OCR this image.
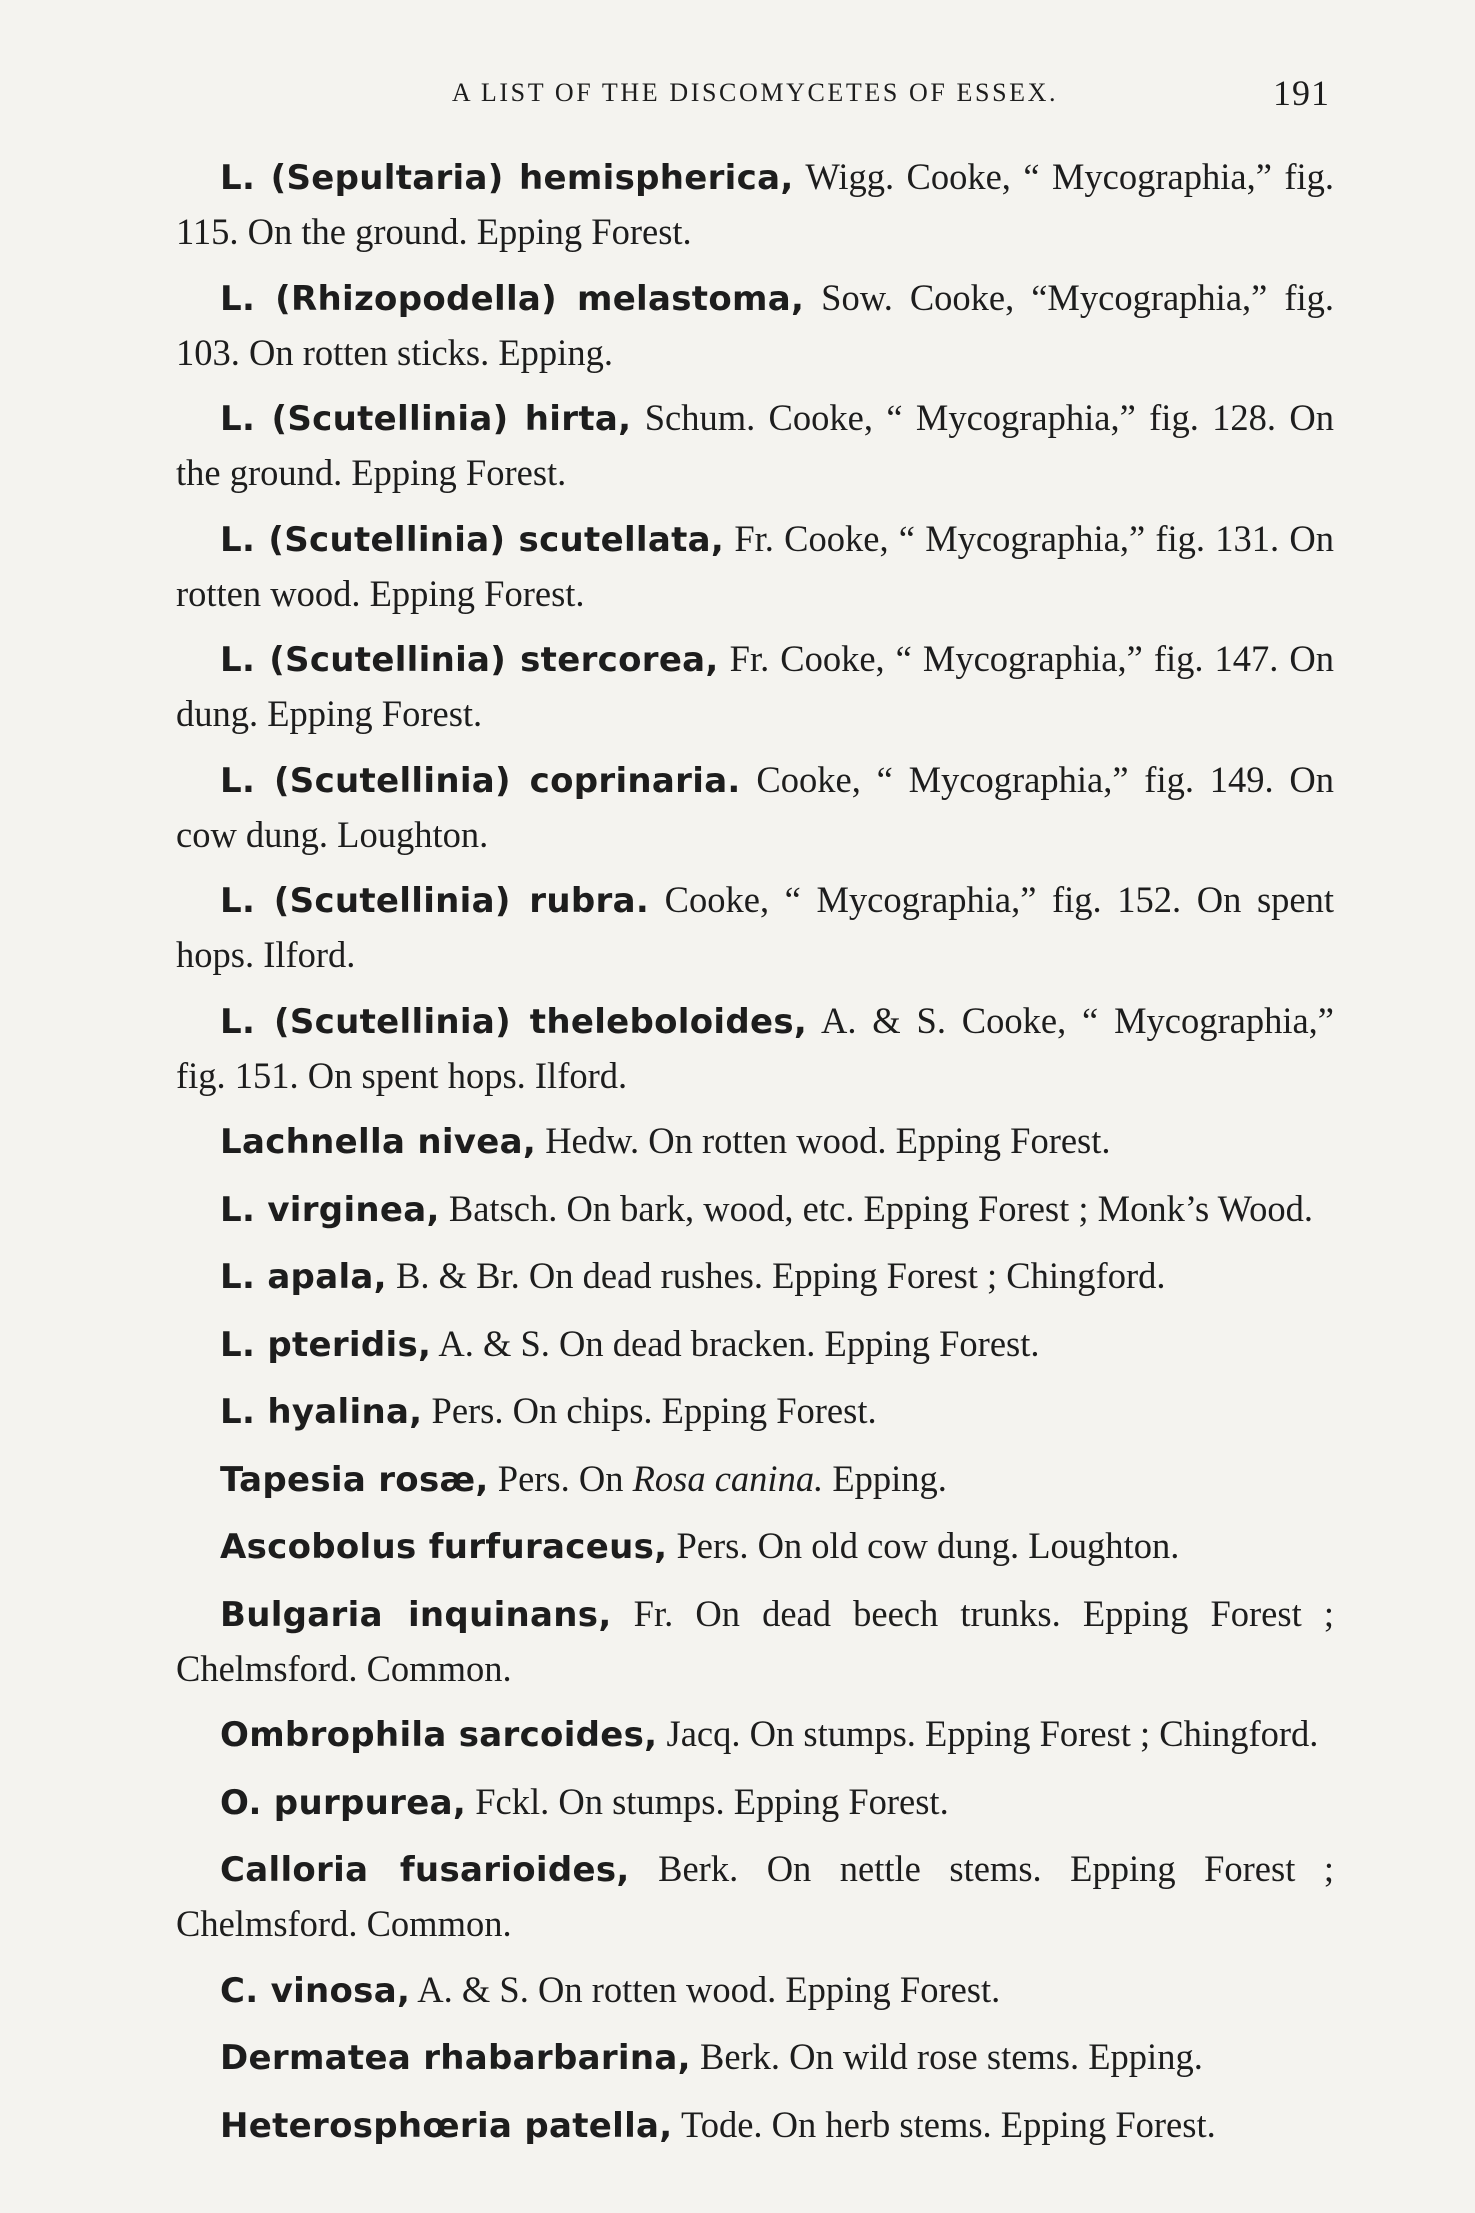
A LIST OF THE DISCOMYCETES OF ESSEX.	191

L. (Sepultaria) hemispherica, Wigg. Cooke, “ Mycographia,” fig. 115. On the ground. Epping Forest.

L. (Rhizopodella) melastoma, Sow. Cooke, “Mycographia,” fig. 103. On rotten sticks. Epping.

L. (Scutellinia) hirta, Schum. Cooke, “ Mycographia,” fig. 128. On the ground. Epping Forest.

L. (Scutellinia) scutellata, Fr. Cooke, “ Mycographia,” fig. 131. On rotten wood. Epping Forest.

L. (Scutellinia) stercorea, Fr. Cooke, “ Mycographia,” fig. 147. On dung. Epping Forest.

L. (Scutellinia) coprinaria. Cooke, “ Mycographia,” fig. 149. On cow dung. Loughton.

L. (Scutellinia) rubra. Cooke, “ Mycographia,” fig. 152. On spent hops. Ilford.

L. (Scutellinia) theleboloides, A. & S. Cooke, “ Mycographia,” fig. 151. On spent hops. Ilford.

Lachnella nivea, Hedw. On rotten wood. Epping Forest.

L. virginea, Batsch. On bark, wood, etc. Epping Forest ; Monk’s Wood.

L. apala, B. & Br. On dead rushes. Epping Forest ; Chingford.

L. pteridis, A. & S. On dead bracken. Epping Forest.

L. hyalina, Pers. On chips. Epping Forest.

Tapesia rosæ, Pers. On Rosa canina. Epping.

Ascobolus furfuraceus, Pers. On old cow dung. Loughton.

Bulgaria inquinans, Fr. On dead beech trunks. Epping Forest ; Chelmsford. Common.

Ombrophila sarcoides, Jacq. On stumps. Epping Forest ; Chingford.

O. purpurea, Fckl. On stumps. Epping Forest.

Calloria fusarioides, Berk. On nettle stems. Epping Forest ; Chelmsford. Common.

C. vinosa, A. & S. On rotten wood. Epping Forest.

Dermatea rhabarbarina, Berk. On wild rose stems. Epping.

Heterosphœria patella, Tode. On herb stems. Epping Forest.
